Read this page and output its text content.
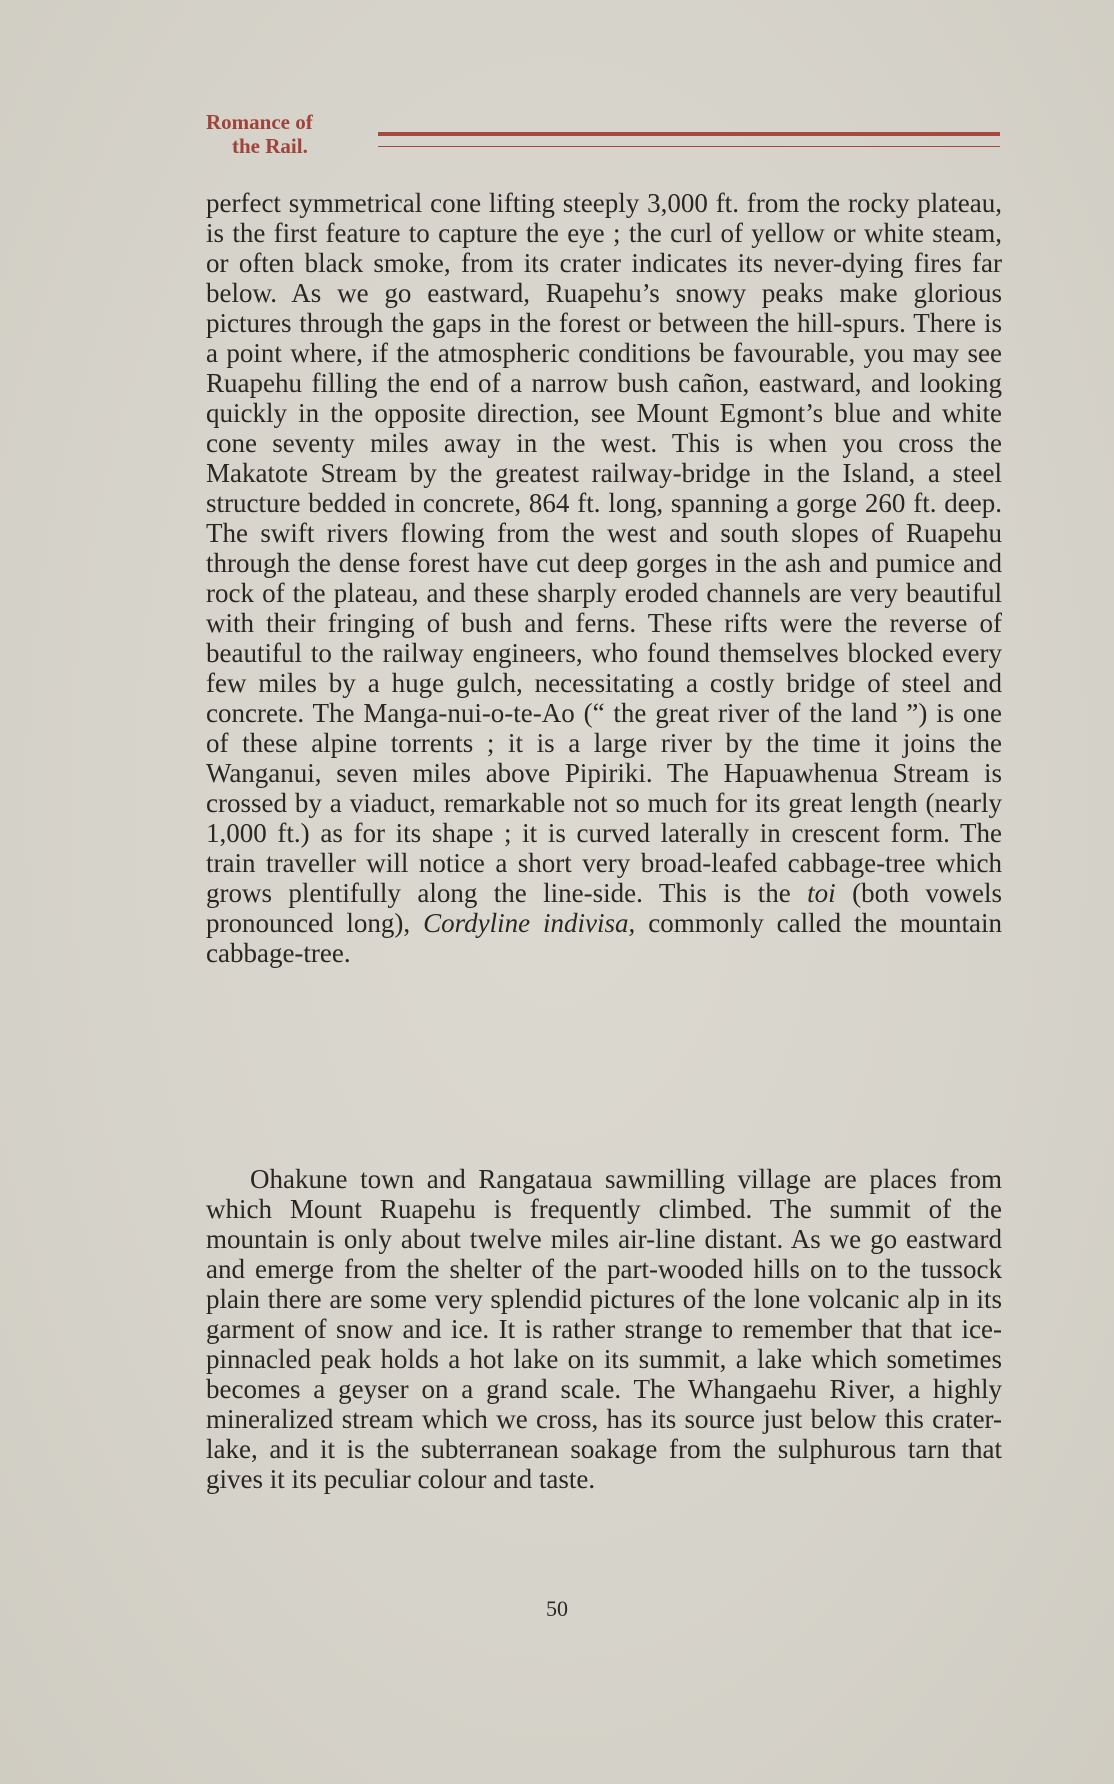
Romance of
the Rail.

perfect symmetrical cone lifting steeply 3,000 ft. from the rocky plateau, is the first feature to capture the eye ; the curl of yellow or white steam, or often black smoke, from its crater indicates its never-dying fires far below. As we go eastward, Ruapehu’s snowy peaks make glorious pictures through the gaps in the forest or between the hill-spurs. There is a point where, if the atmospheric conditions be favourable, you may see Ruapehu filling the end of a narrow bush cañon, eastward, and looking quickly in the opposite direction, see Mount Egmont’s blue and white cone seventy miles away in the west. This is when you cross the Makatote Stream by the greatest railway-bridge in the Island, a steel structure bedded in concrete, 864 ft. long, spanning a gorge 260 ft. deep. The swift rivers flowing from the west and south slopes of Ruapehu through the dense forest have cut deep gorges in the ash and pumice and rock of the plateau, and these sharply eroded channels are very beautiful with their fringing of bush and ferns. These rifts were the reverse of beautiful to the railway engineers, who found themselves blocked every few miles by a huge gulch, necessitating a costly bridge of steel and concrete. The Manga-nui-o-te-Ao (“ the great river of the land ”) is one of these alpine torrents ; it is a large river by the time it joins the Wanganui, seven miles above Pipiriki. The Hapuawhenua Stream is crossed by a viaduct, remarkable not so much for its great length (nearly 1,000 ft.) as for its shape ; it is curved laterally in crescent form. The train traveller will notice a short very broad-leafed cabbage-tree which grows plentifully along the line-side. This is the toi (both vowels pronounced long), Cordyline indivisa, commonly called the mountain cabbage-tree.

Ohakune town and Rangataua sawmilling village are places from which Mount Ruapehu is frequently climbed. The summit of the mountain is only about twelve miles air-line distant. As we go eastward and emerge from the shelter of the part-wooded hills on to the tussock plain there are some very splendid pictures of the lone volcanic alp in its garment of snow and ice. It is rather strange to remember that that ice-pinnacled peak holds a hot lake on its summit, a lake which sometimes becomes a geyser on a grand scale. The Whangaehu River, a highly mineralized stream which we cross, has its source just below this crater-lake, and it is the subterranean soakage from the sulphurous tarn that gives it its peculiar colour and taste.

50
